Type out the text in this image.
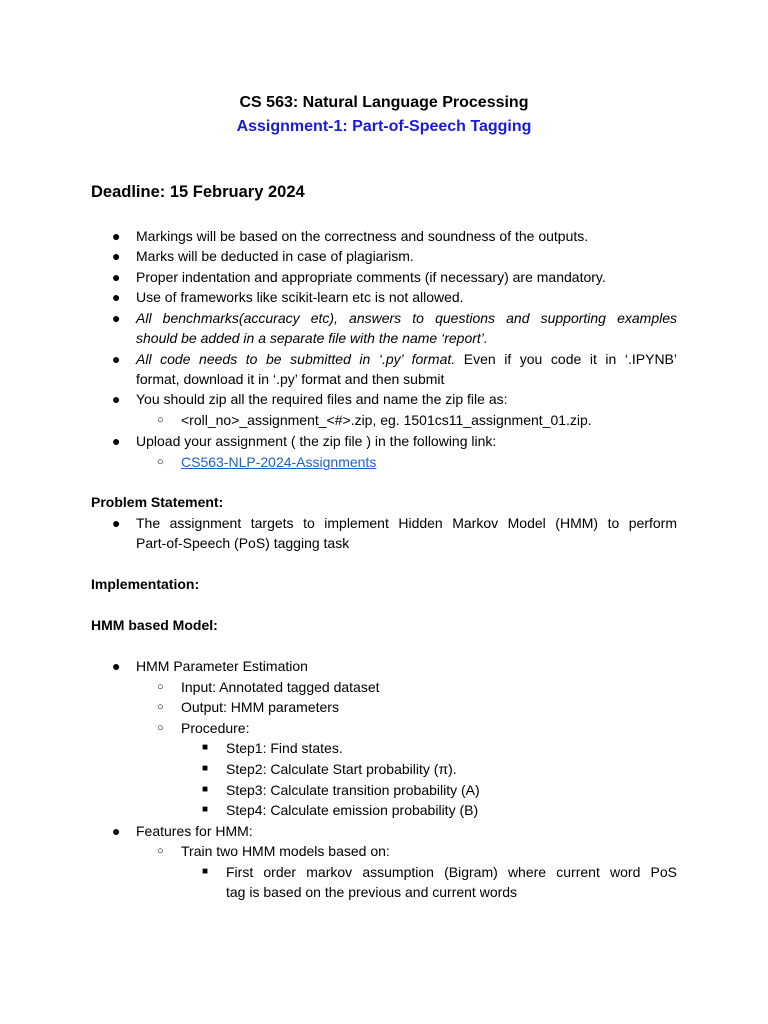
CS 563: Natural Language Processing
Assignment-1: Part-of-Speech Tagging
Deadline: 15 February 2024
● Markings will be based on the correctness and soundness of the outputs.
● Marks will be deducted in case of plagiarism.
● Proper indentation and appropriate comments (if necessary) are mandatory.
● Use of frameworks like scikit-learn etc is not allowed.
● All benchmarks(accuracy etc), answers to questions and supporting examples
should be added in a separate file with the name ‘report’.
● All code needs to be submitted in ‘.py’ format. Even if you code it in ‘.IPYNB’
format, download it in ‘.py’ format and then submit
● You should zip all the required files and name the zip file as:
○ <roll_no>_assignment_<#>.zip, eg. 1501cs11_assignment_01.zip.
● Upload your assignment ( the zip file ) in the following link:
○ CS563-NLP-2024-Assignments
Problem Statement:
● The assignment targets to implement Hidden Markov Model (HMM) to perform
Part-of-Speech (PoS) tagging task
Implementation:
HMM based Model:
● HMM Parameter Estimation
○ Input: Annotated tagged dataset
○ Output: HMM parameters
○ Procedure:
■ Step1: Find states.
■ Step2: Calculate Start probability (π).
■ Step3: Calculate transition probability (A)
■ Step4: Calculate emission probability (B)
● Features for HMM:
○ Train two HMM models based on:
■ First order markov assumption (Bigram) where current word PoS
tag is based on the previous and current words
